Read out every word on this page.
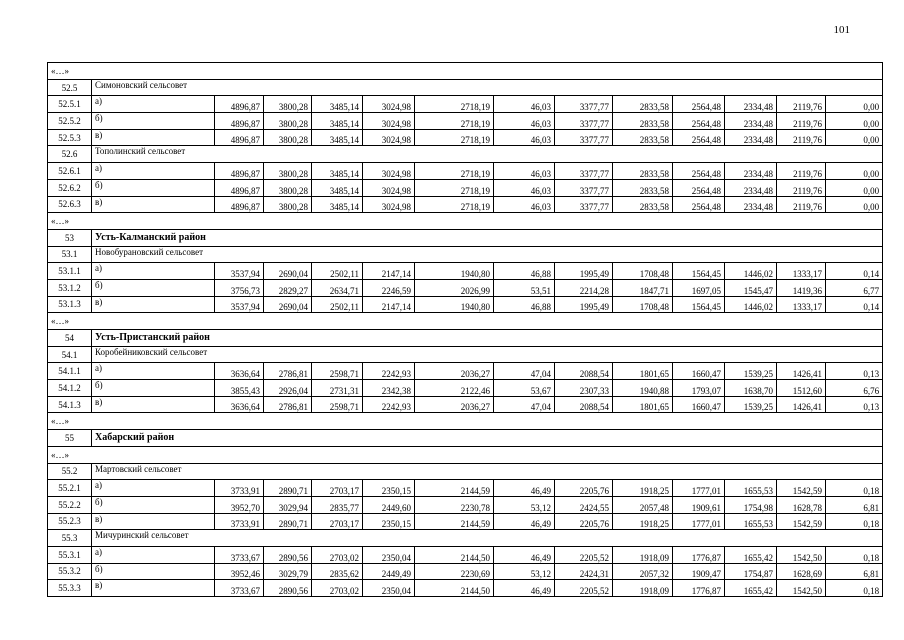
101
«…»													
52.5	Симоновский сельсовет												
52.5.1	а)	4896,87	3800,28	3485,14	3024,98	2718,19	46,03	3377,77	2833,58	2564,48	2334,48	2119,76	0,00
52.5.2	б)	4896,87	3800,28	3485,14	3024,98	2718,19	46,03	3377,77	2833,58	2564,48	2334,48	2119,76	0,00
52.5.3	в)	4896,87	3800,28	3485,14	3024,98	2718,19	46,03	3377,77	2833,58	2564,48	2334,48	2119,76	0,00
52.6	Тополинский сельсовет												
52.6.1	а)	4896,87	3800,28	3485,14	3024,98	2718,19	46,03	3377,77	2833,58	2564,48	2334,48	2119,76	0,00
52.6.2	б)	4896,87	3800,28	3485,14	3024,98	2718,19	46,03	3377,77	2833,58	2564,48	2334,48	2119,76	0,00
52.6.3	в)	4896,87	3800,28	3485,14	3024,98	2718,19	46,03	3377,77	2833,58	2564,48	2334,48	2119,76	0,00
«…»													
53	Усть-Калманский район												
53.1	Новобурановский сельсовет												
53.1.1	а)	3537,94	2690,04	2502,11	2147,14	1940,80	46,88	1995,49	1708,48	1564,45	1446,02	1333,17	0,14
53.1.2	б)	3756,73	2829,27	2634,71	2246,59	2026,99	53,51	2214,28	1847,71	1697,05	1545,47	1419,36	6,77
53.1.3	в)	3537,94	2690,04	2502,11	2147,14	1940,80	46,88	1995,49	1708,48	1564,45	1446,02	1333,17	0,14
«…»													
54	Усть-Пристанский район												
54.1	Коробейниковский сельсовет												
54.1.1	а)	3636,64	2786,81	2598,71	2242,93	2036,27	47,04	2088,54	1801,65	1660,47	1539,25	1426,41	0,13
54.1.2	б)	3855,43	2926,04	2731,31	2342,38	2122,46	53,67	2307,33	1940,88	1793,07	1638,70	1512,60	6,76
54.1.3	в)	3636,64	2786,81	2598,71	2242,93	2036,27	47,04	2088,54	1801,65	1660,47	1539,25	1426,41	0,13
«…»													
55	Хабарский район												
«…»													
55.2	Мартовский сельсовет												
55.2.1	а)	3733,91	2890,71	2703,17	2350,15	2144,59	46,49	2205,76	1918,25	1777,01	1655,53	1542,59	0,18
55.2.2	б)	3952,70	3029,94	2835,77	2449,60	2230,78	53,12	2424,55	2057,48	1909,61	1754,98	1628,78	6,81
55.2.3	в)	3733,91	2890,71	2703,17	2350,15	2144,59	46,49	2205,76	1918,25	1777,01	1655,53	1542,59	0,18
55.3	Мичуринский сельсовет												
55.3.1	а)	3733,67	2890,56	2703,02	2350,04	2144,50	46,49	2205,52	1918,09	1776,87	1655,42	1542,50	0,18
55.3.2	б)	3952,46	3029,79	2835,62	2449,49	2230,69	53,12	2424,31	2057,32	1909,47	1754,87	1628,69	6,81
55.3.3	в)	3733,67	2890,56	2703,02	2350,04	2144,50	46,49	2205,52	1918,09	1776,87	1655,42	1542,50	0,18
